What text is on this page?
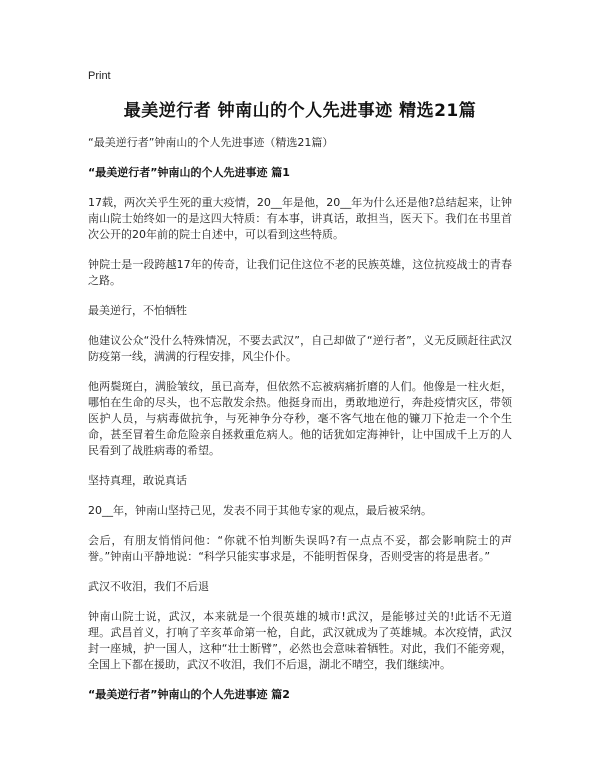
Print
最美逆行者 钟南山的个人先进事迹 精选21篇
“最美逆行者”钟南山的个人先进事迹（精选21篇）
“最美逆行者”钟南山的个人先进事迹 篇1

17载，两次关乎生死的重大疫情，20__年是他，20__年为什么还是他?总结起来，让钟南山院士始终如一的是这四大特质：有本事，讲真话，敢担当，医天下。我们在书里首次公开的20年前的院士自述中，可以看到这些特质。

钟院士是一段跨越17年的传奇，让我们记住这位不老的民族英雄，这位抗疫战士的青春之路。

最美逆行，不怕牺牲

他建议公众“没什么特殊情况，不要去武汉”，自己却做了“逆行者”，义无反顾赶往武汉防疫第一线，满满的行程安排，风尘仆仆。

他两鬓斑白，满脸皱纹，虽已高寿，但依然不忘被病痛折磨的人们。他像是一柱火炬，哪怕在生命的尽头，也不忘散发余热。他挺身而出，勇敢地逆行，奔赴疫情灾区，带领医护人员，与病毒做抗争，与死神争分夺秒，毫不客气地在他的镰刀下抢走一个个生命，甚至冒着生命危险亲自拯救重危病人。他的话犹如定海神针，让中国成千上万的人民看到了战胜病毒的希望。

坚持真理，敢说真话

20__年，钟南山坚持己见，发表不同于其他专家的观点，最后被采纳。

会后，有朋友悄悄问他：“你就不怕判断失误吗?有一点点不妥，都会影响院士的声誉。”钟南山平静地说：“科学只能实事求是，不能明哲保身，否则受害的将是患者。”

武汉不收泪，我们不后退

钟南山院士说，武汉，本来就是一个很英雄的城市!武汉，是能够过关的!此话不无道理。武昌首义，打响了辛亥革命第一枪，自此，武汉就成为了英雄城。本次疫情，武汉封一座城，护一国人，这种“壮士断臂”，必然也会意味着牺牲。对此，我们不能旁观，全国上下都在援助，武汉不收泪，我们不后退，湖北不晴空，我们继续冲。

“最美逆行者”钟南山的个人先进事迹 篇2
